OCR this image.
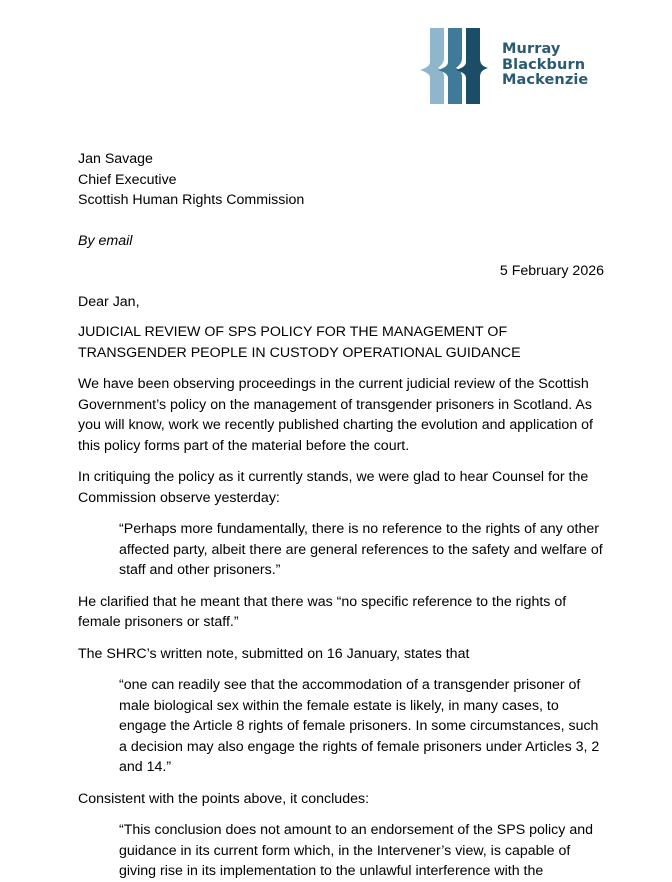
Murray
Blackburn
Mackenzie
Jan Savage
Chief Executive
Scottish Human Rights Commission
By email
5 February 2026
Dear Jan,
JUDICIAL REVIEW OF SPS POLICY FOR THE MANAGEMENT OF
TRANSGENDER PEOPLE IN CUSTODY OPERATIONAL GUIDANCE
We have been observing proceedings in the current judicial review of the Scottish
Government’s policy on the management of transgender prisoners in Scotland. As
you will know, work we recently published charting the evolution and application of
this policy forms part of the material before the court.
In critiquing the policy as it currently stands, we were glad to hear Counsel for the
Commission observe yesterday:
“Perhaps more fundamentally, there is no reference to the rights of any other
affected party, albeit there are general references to the safety and welfare of
staff and other prisoners.”
He clarified that he meant that there was “no specific reference to the rights of
female prisoners or staff.”
The SHRC’s written note, submitted on 16 January, states that
“one can readily see that the accommodation of a transgender prisoner of
male biological sex within the female estate is likely, in many cases, to
engage the Article 8 rights of female prisoners. In some circumstances, such
a decision may also engage the rights of female prisoners under Articles 3, 2
and 14.”
Consistent with the points above, it concludes:
“This conclusion does not amount to an endorsement of the SPS policy and
guidance in its current form which, in the Intervener’s view, is capable of
giving rise in its implementation to the unlawful interference with the
